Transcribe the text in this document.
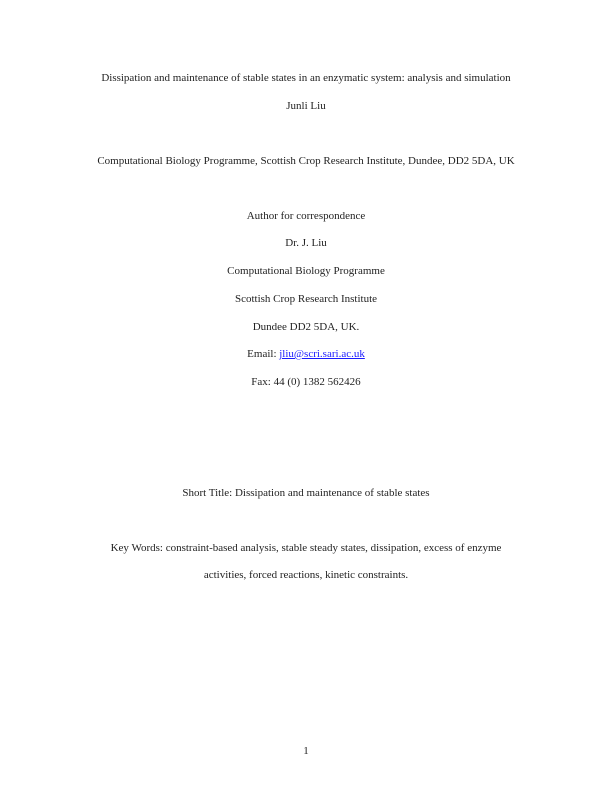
Dissipation and maintenance of stable states in an enzymatic system: analysis and simulation
Junli Liu
Computational Biology Programme, Scottish Crop Research Institute, Dundee, DD2 5DA, UK
Author for correspondence
Dr. J. Liu
Computational Biology Programme
Scottish Crop Research Institute
Dundee DD2 5DA, UK.
Email: jliu@scri.sari.ac.uk
Fax: 44 (0) 1382 562426
Short Title: Dissipation and maintenance of stable states
Key Words: constraint-based analysis, stable steady states, dissipation, excess of enzyme
activities, forced reactions, kinetic constraints.
1
